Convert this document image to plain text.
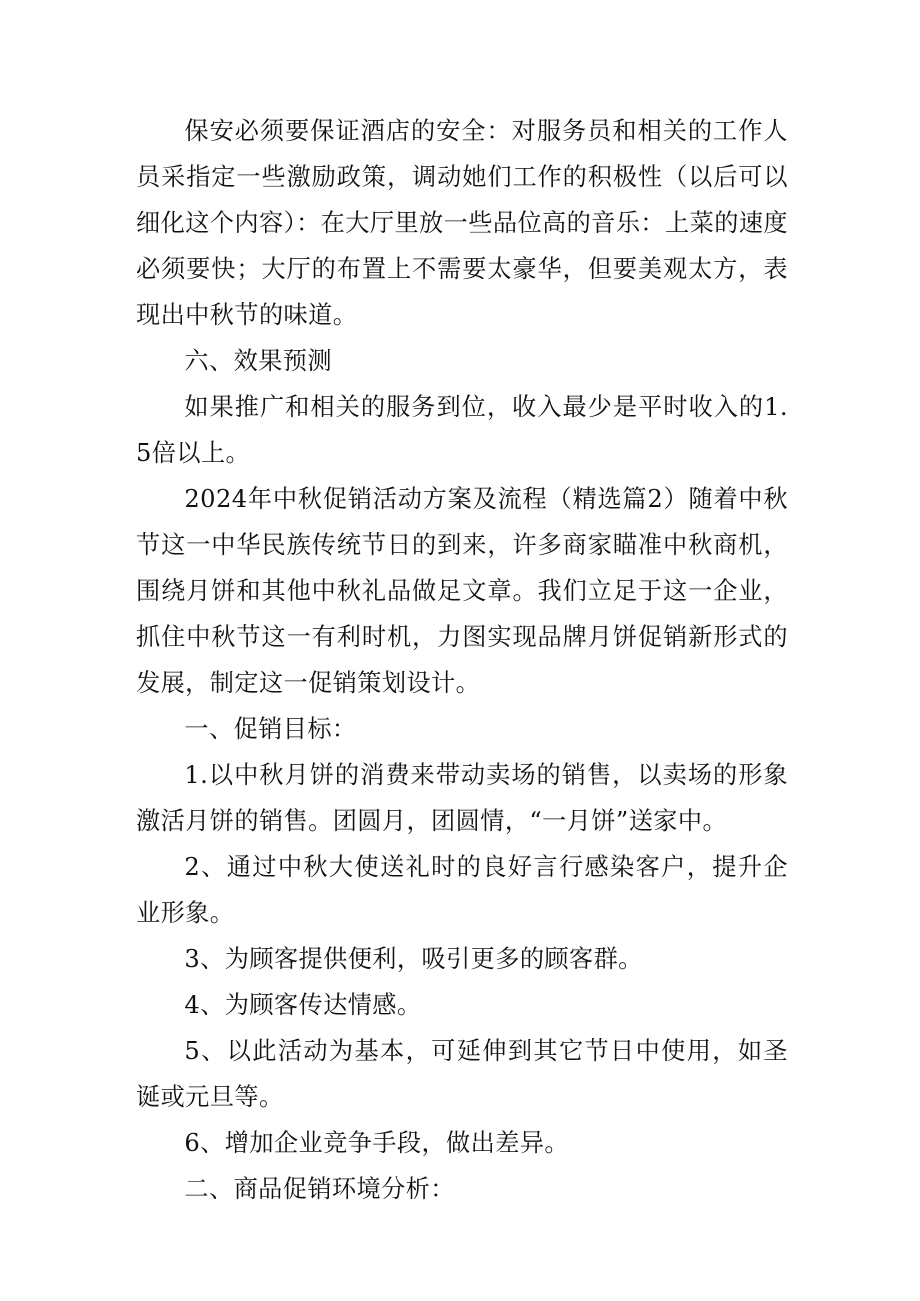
保安必须要保证酒店的安全：对服务员和相关的工作人员采指定一些激励政策，调动她们工作的积极性（以后可以细化这个内容）：在大厅里放一些品位高的音乐：上菜的速度必须要快；大厅的布置上不需要太豪华，但要美观太方，表现出中秋节的味道。

六、效果预测

如果推广和相关的服务到位，收入最少是平时收入的1.5倍以上。

2024年中秋促销活动方案及流程（精选篇2）随着中秋节这一中华民族传统节日的到来，许多商家瞄准中秋商机，围绕月饼和其他中秋礼品做足文章。我们立足于这一企业，抓住中秋节这一有利时机，力图实现品牌月饼促销新形式的发展，制定这一促销策划设计。

一、促销目标：

1.以中秋月饼的消费来带动卖场的销售，以卖场的形象激活月饼的销售。团圆月，团圆情，“一月饼”送家中。

2、通过中秋大使送礼时的良好言行感染客户，提升企业形象。

3、为顾客提供便利，吸引更多的顾客群。

4、为顾客传达情感。

5、以此活动为基本，可延伸到其它节日中使用，如圣诞或元旦等。

6、增加企业竞争手段，做出差异。

二、商品促销环境分析：
